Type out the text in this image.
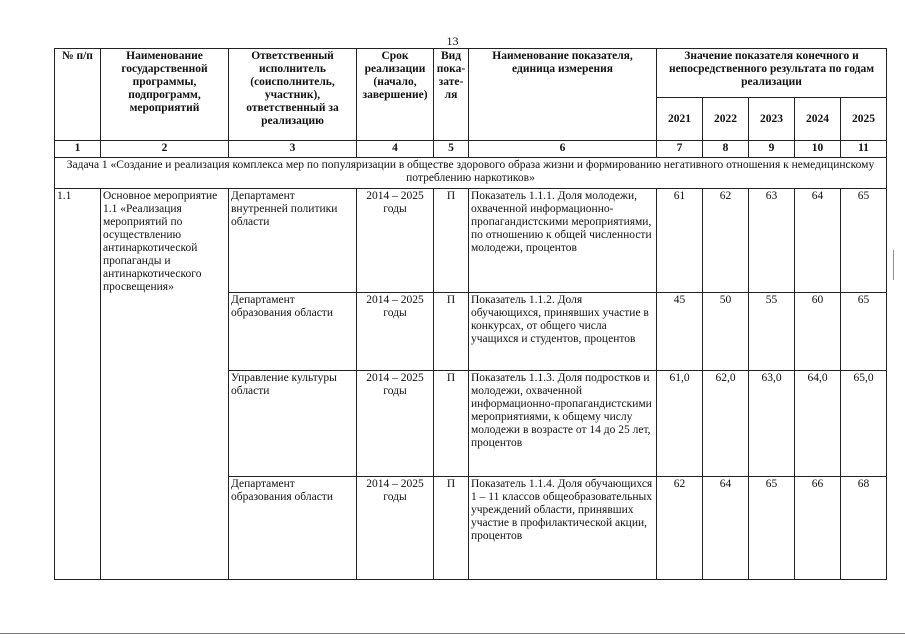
13
№ п/п	Наименование государственной программы, подпрограмм, мероприятий	Ответственный исполнитель (соисполнитель, участник), ответственный за реализацию	Срок реализации (начало, завершение)	Вид пока-зате-ля	Наименование показателя, единица измерения	Значение показателя конечного и непосредственного результата по годам реализации				
						2021	2022	2023	2024	2025
1	2	3	4	5	6	7	8	9	10	11
Задача 1 «Создание и реализация комплекса мер по популяризации в обществе здорового образа жизни и формированию негативного отношения к немедицинскому потреблению наркотиков»										
1.1	Основное мероприятие 1.1 «Реализация мероприятий по осуществлению антинаркотической пропаганды и антинаркотического просвещения»	Департамент внутренней политики области	2014 – 2025 годы	П	Показатель 1.1.1. Доля молодежи, охваченной информационно-пропагандистскими мероприятиями, по отношению к общей численности молодежи, процентов	61	62	63	64	65
		Департамент образования области	2014 – 2025 годы	П	Показатель 1.1.2. Доля обучающихся, принявших участие в конкурсах, от общего числа учащихся и студентов, процентов	45	50	55	60	65
		Управление культуры области	2014 – 2025 годы	П	Показатель 1.1.3. Доля подростков и молодежи, охваченной информационно-пропагандистскими мероприятиями, к общему числу молодежи в возрасте от 14 до 25 лет, процентов	61,0	62,0	63,0	64,0	65,0
		Департамент образования области	2014 – 2025 годы	П	Показатель 1.1.4. Доля обучающихся 1 – 11 классов общеобразовательных учреждений области, принявших участие в профилактической акции, процентов	62	64	65	66	68
